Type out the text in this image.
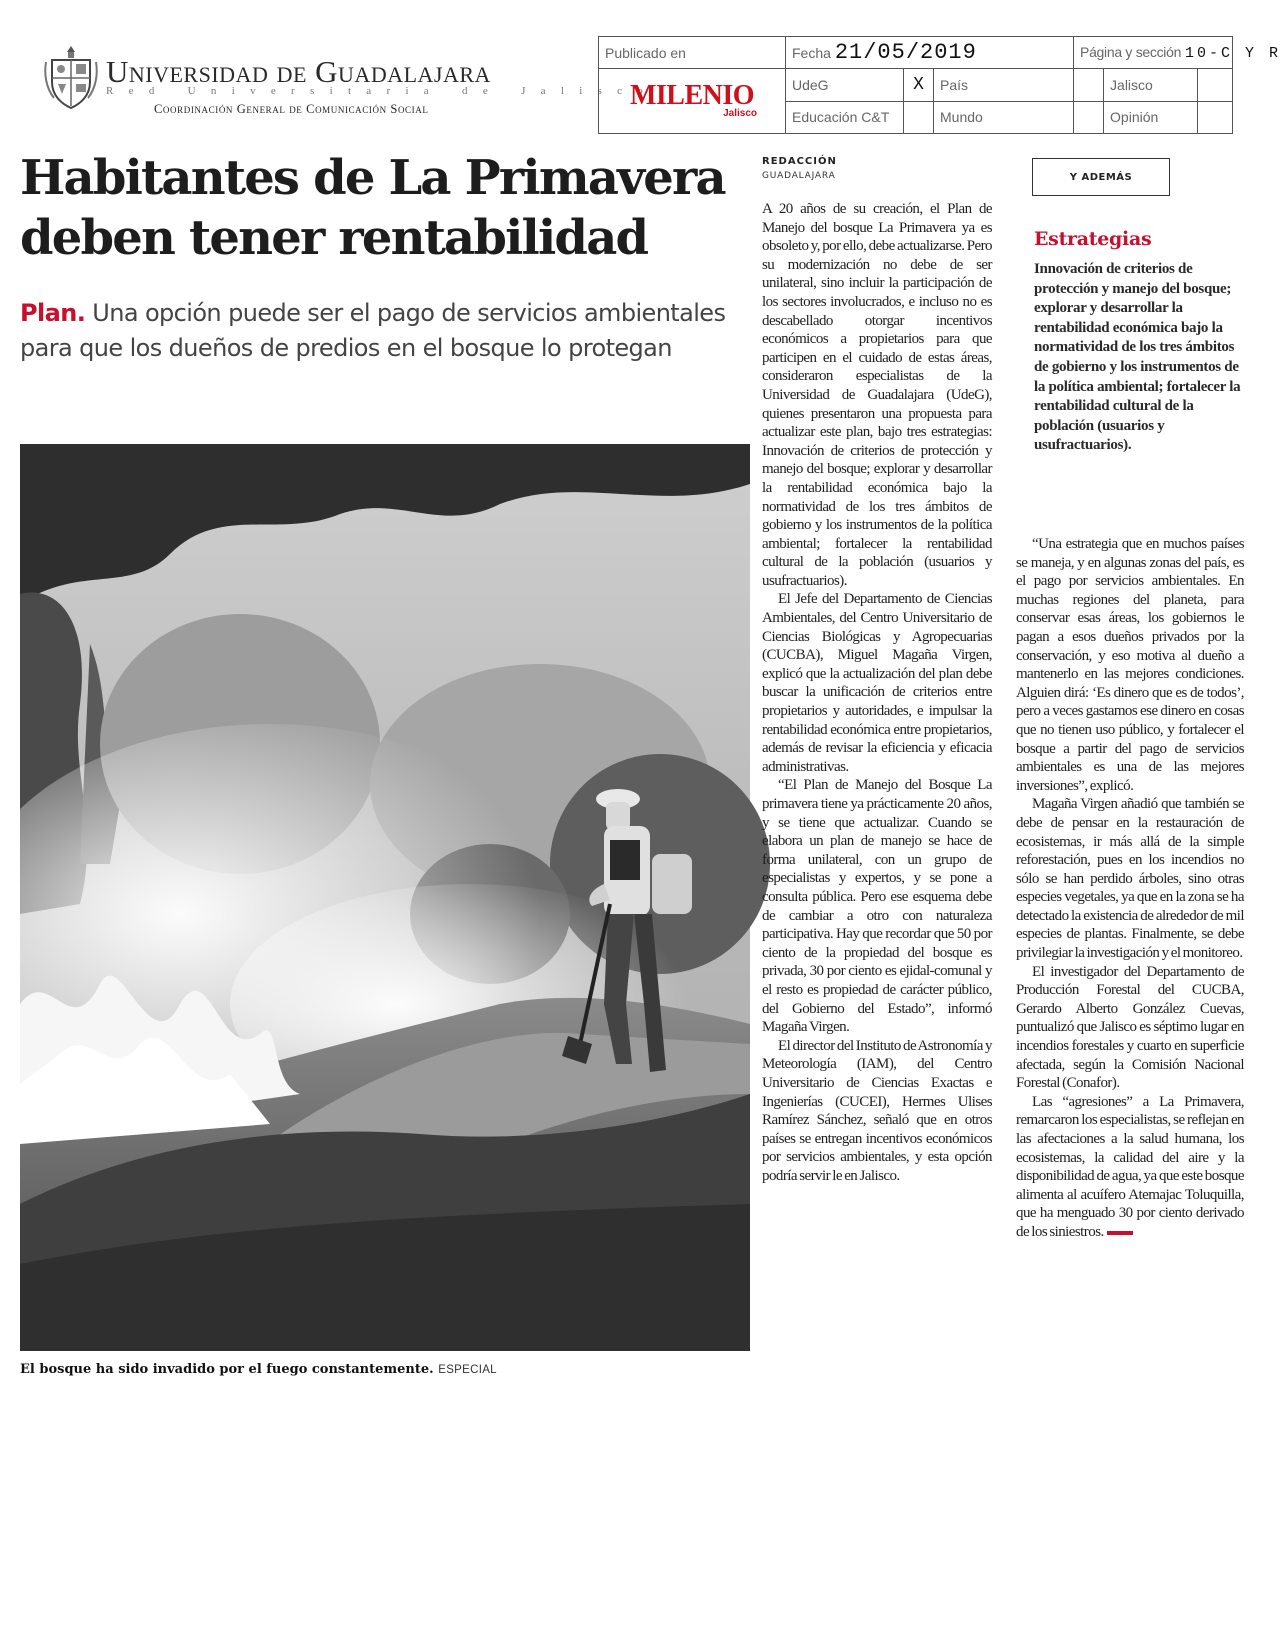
Universidad de Guadalajara
Red Universitaria de Jalisco
Coordinación General de Comunicación Social
Publicado en	Fecha 21/05/2019			Página y sección 10-C Y R		

MILENIO
Jalisco	UdeG	X	País		Jalisco	
	Educación C&T		Mundo		Opinión	
Habitantes de La Primavera deben tener rentabilidad
Plan. Una opción puede ser el pago de servicios ambientales para que los dueños de predios en el bosque lo protegan
El bosque ha sido invadido por el fuego constantemente. ESPECIAL
REDACCIÓN
GUADALAJARA

A 20 años de su creación, el Plan de Manejo del bosque La Primavera ya es obsoleto y, por ello, debe actualizarse. Pero su modernización no debe de ser unilateral, sino incluir la participación de los sectores involucrados, e incluso no es descabellado otorgar incentivos económicos a propietarios para que participen en el cuidado de estas áreas, consideraron especialistas de la Universidad de Guadalajara (UdeG), quienes presentaron una propuesta para actualizar este plan, bajo tres estrategias: Innovación de criterios de protección y manejo del bosque; explorar y desarrollar la rentabilidad económica bajo la normatividad de los tres ámbitos de gobierno y los instrumentos de la política ambiental; fortalecer la rentabilidad cultural de la población (usuarios y usufractuarios).

El Jefe del Departamento de Ciencias Ambientales, del Centro Universitario de Ciencias Biológicas y Agropecuarias (CUCBA), Miguel Magaña Virgen, explicó que la actualización del plan debe buscar la unificación de criterios entre propietarios y autoridades, e impulsar la rentabilidad económica entre propietarios, además de revisar la eficiencia y eficacia administrativas.

“El Plan de Manejo del Bosque La primavera tiene ya prácticamente 20 años, y se tiene que actualizar. Cuando se elabora un plan de manejo se hace de forma unilateral, con un grupo de especialistas y expertos, y se pone a consulta pública. Pero ese esquema debe de cambiar a otro con naturaleza participativa. Hay que recordar que 50 por ciento de la propiedad del bosque es privada, 30 por ciento es ejidal-comunal y el resto es propiedad de carácter público, del Gobierno del Estado”, informó Magaña Virgen.

El director del Instituto de Astronomía y Meteorología (IAM), del Centro Universitario de Ciencias Exactas e Ingenierías (CUCEI), Hermes Ulises Ramírez Sánchez, señaló que en otros países se entregan incentivos económicos por servicios ambientales, y esta opción podría servir le en Jalisco.

Y ADEMÁS
Estrategias
Innovación de criterios de protección y manejo del bosque; explorar y desarrollar la rentabilidad económica bajo la normatividad de los tres ámbitos de gobierno y los instrumentos de la política ambiental; fortalecer la rentabilidad cultural de la población (usuarios y usufractuarios).

“Una estrategia que en muchos países se maneja, y en algunas zonas del país, es el pago por servicios ambientales. En muchas regiones del planeta, para conservar esas áreas, los gobiernos le pagan a esos dueños privados por la conservación, y eso motiva al dueño a mantenerlo en las mejores condiciones. Alguien dirá: ‘Es dinero que es de todos’, pero a veces gastamos ese dinero en cosas que no tienen uso público, y fortalecer el bosque a partir del pago de servicios ambientales es una de las mejores inversiones”, explicó.

Magaña Virgen añadió que también se debe de pensar en la restauración de ecosistemas, ir más allá de la simple reforestación, pues en los incendios no sólo se han perdido árboles, sino otras especies vegetales, ya que en la zona se ha detectado la existencia de alrededor de mil especies de plantas. Finalmente, se debe privilegiar la investigación y el monitoreo.

El investigador del Departamento de Producción Forestal del CUCBA, Gerardo Alberto González Cuevas, puntualizó que Jalisco es séptimo lugar en incendios forestales y cuarto en superficie afectada, según la Comisión Nacional Forestal (Conafor).

Las “agresiones” a La Primavera, remarcaron los especialistas, se reflejan en las afectaciones a la salud humana, los ecosistemas, la calidad del aire y la disponibilidad de agua, ya que este bosque alimenta al acuífero Atemajac Toluquilla, que ha menguado 30 por ciento derivado de los siniestros.
